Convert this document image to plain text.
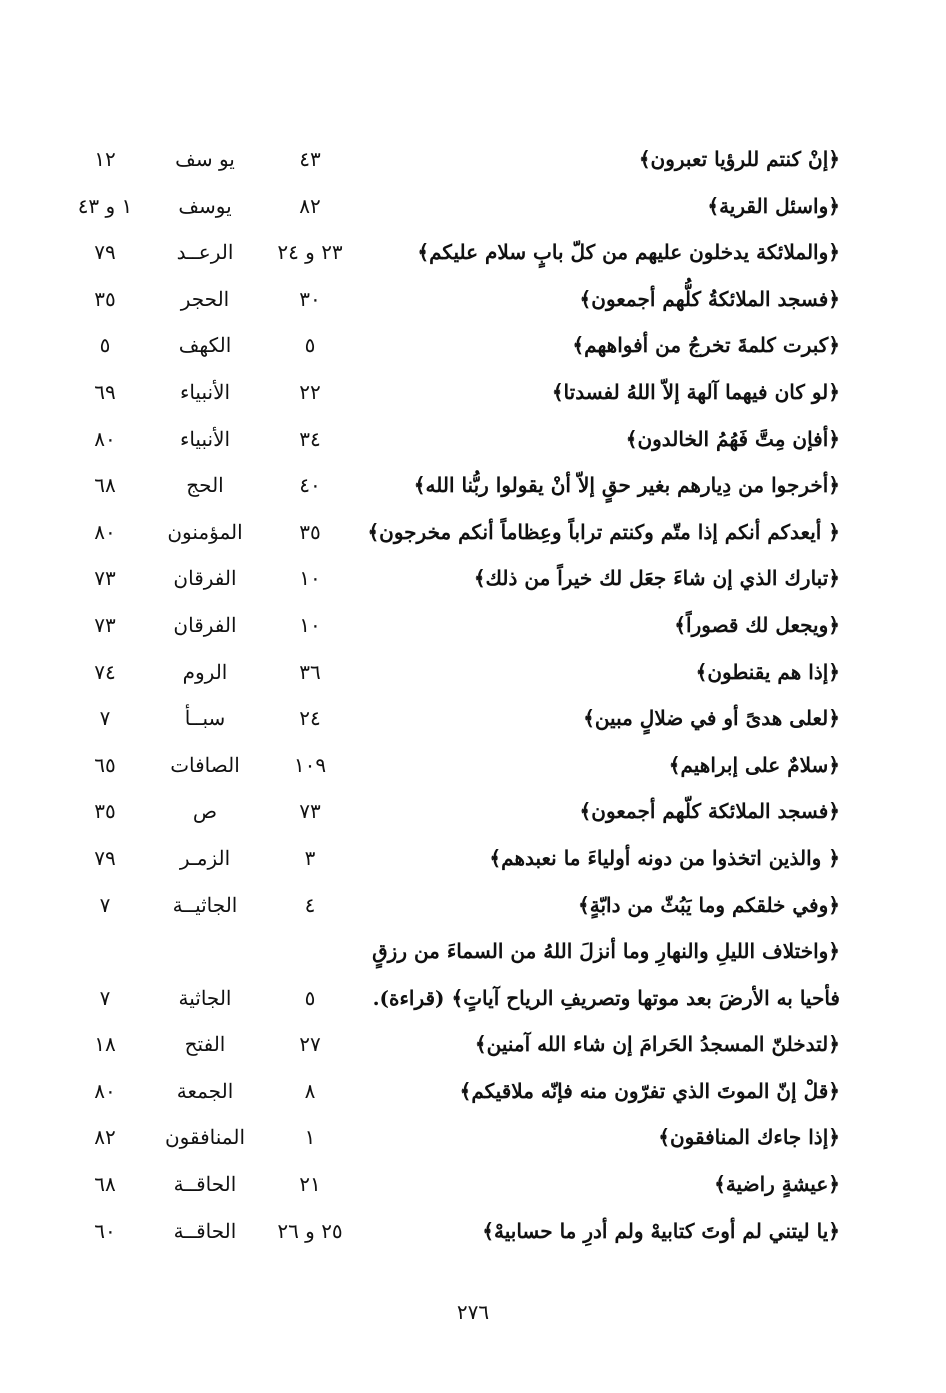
﴿إنْ كنتم للرؤيا تعبرون﴾
٤٣
يو سف
١٢
﴿واسئل القرية﴾
٨٢
يوسف
١ و ٤٣
﴿والملائكة يدخلون عليهم من كلّ بابٍ سلام عليكم﴾
٢٣ و ٢٤
الرعــد
٧٩
﴿فسجد الملائكةُ كلُّهم أجمعون﴾
٣٠
الحجر
٣٥
﴿كبرت كلمةَ تخرجُ من أفواههم﴾
٥
الكهف
٥
﴿لو كان فيهما آلهة إلاّ اللهُ لفسدتا﴾
٢٢
الأنبياء
٦٩
﴿أفإن مِتَّ فَهُمُ الخالدون﴾
٣٤
الأنبياء
٨٠
﴿أخرجوا من دِيارهم بغير حقٍ إلاّ أنْ يقولوا ربُّنا الله﴾
٤٠
الحج
٦٨
﴿ أيعدكم أنكم إذا متّم وكنتم تراباً وعِظاماً أنكم مخرجون﴾
٣٥
المؤمنون
٨٠
﴿تبارك الذي إن شاءَ جعَل لك خيراً من ذلك﴾
١٠
الفرقان
٧٣
﴿ويجعل لك قصوراً﴾
١٠
الفرقان
٧٣
﴿إذا هم يقنطون﴾
٣٦
الروم
٧٤
﴿لعلى هدىً أو في ضلالٍ مبين﴾
٢٤
سبــأ
٧
﴿سلامٌ على إبراهيم﴾
١٠٩
الصافات
٦٥
﴿فسجد الملائكة كلّهم أجمعون﴾
٧٣
ص
٣٥
﴿ والذين اتخذوا من دونه أولياءَ ما نعبدهم﴾
٣
الزمـر
٧٩
﴿وفي خلقكم وما يَبُثّ من دابّةٍ﴾
٤
الجاثيــة
٧
﴿واختلاف الليلِ والنهارِ وما أنزلَ اللهُ من السماءَ من رزقٍ
فأحيا به الأرضَ بعد موتها وتصريفِ الرياح آياتٍ﴾ (قراءة).
٥
الجاثية
٧
﴿لتدخلنّ المسجدُ الحَرامَ إن شاء الله آمنين﴾
٢٧
الفتح
١٨
﴿قلْ إنّ الموتَ الذي تفرّون منه فإنّه ملاقيكم﴾
٨
الجمعة
٨٠
﴿إذا جاءك المنافقون﴾
١
المنافقون
٨٢
﴿عيشةٍ راضية﴾
٢١
الحاقــة
٦٨
﴿يا ليتني لم أوتَ كتابيهْ ولم أدرِ ما حسابيهْ﴾
٢٥ و ٢٦
الحاقــة
٦٠
٢٧٦
